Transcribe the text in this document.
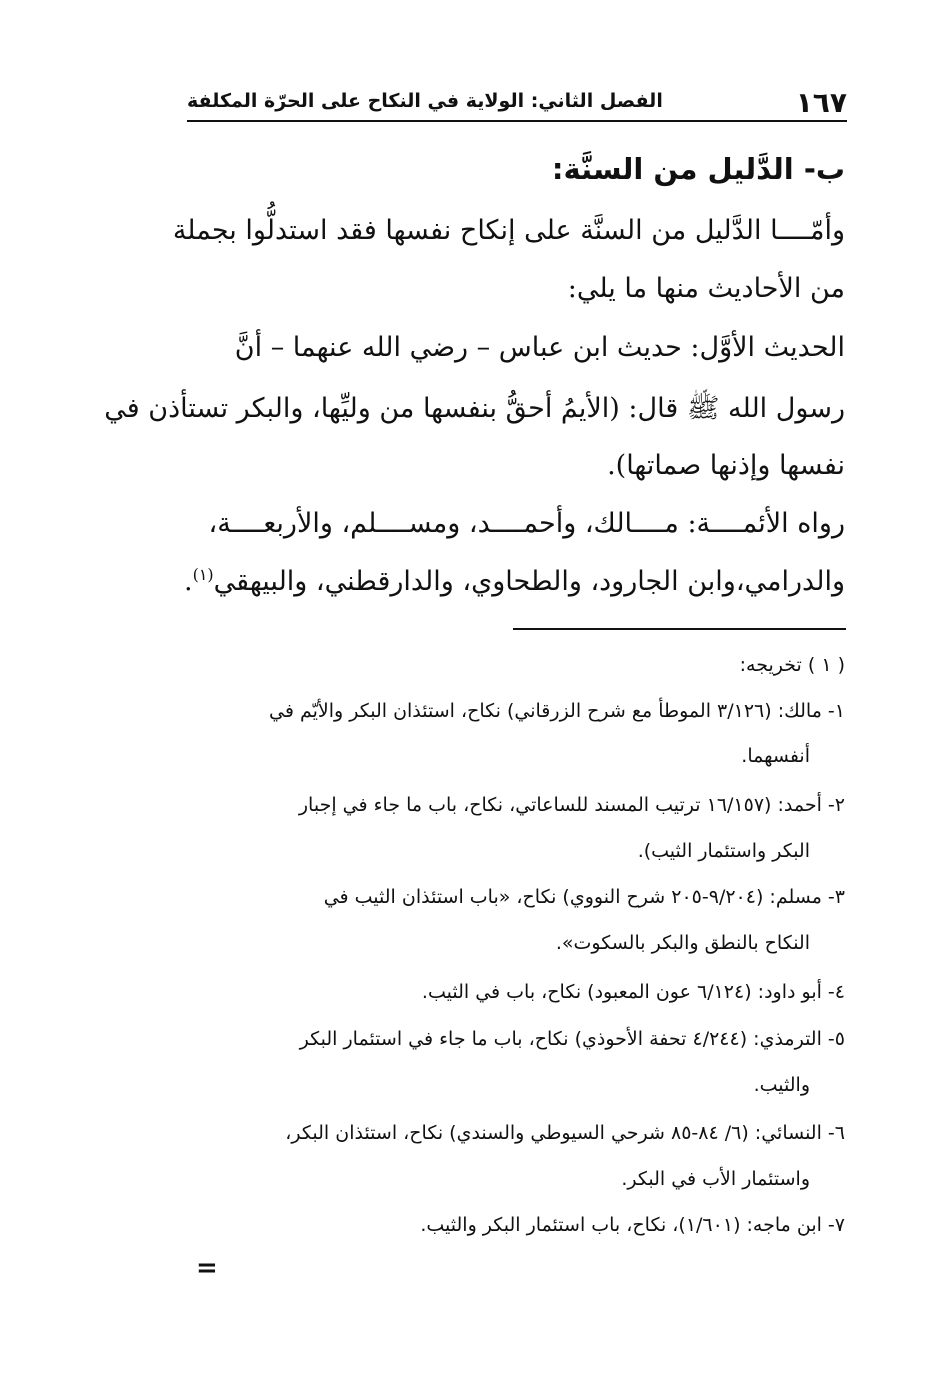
١٦٧
الفصل الثاني: الولاية في النكاح على الحرّة المكلفة
ب- الدَّليل من السنَّة:
وأمّــــا الدَّليل من السنَّة على إنكاح نفسها فقد استدلُّوا بجملة
من الأحاديث منها ما يلي:
الحديث الأوَّل: حديث ابن عباس – رضي الله عنهما – أنَّ
رسول الله ﷺ قال: (الأيمُ أحقُّ بنفسها من وليِّها، والبكر تستأذن في
نفسها وإذنها صماتها).
رواه الأئمــــة: مــــالك، وأحمــــد، ومســــلم، والأربعــــة،
والدرامي،وابن الجارود، والطحاوي، والدارقطني، والبيهقي$^{(١)}$.
( ١ ) تخريجه:
١- مالك: (٣/١٢٦ الموطأ مع شرح الزرقاني) نكاح، استئذان البكر والأيّم في
أنفسهما.
٢- أحمد: (١٦/١٥٧ ترتيب المسند للساعاتي، نكاح، باب ما جاء في إجبار
البكر واستئمار الثيب).
٣- مسلم: (٩/٢٠٤-٢٠٥ شرح النووي) نكاح، «باب استئذان الثيب في
النكاح بالنطق والبكر بالسكوت».
٤- أبو داود: (٦/١٢٤ عون المعبود) نكاح، باب في الثيب.
٥- الترمذي: (٤/٢٤٤ تحفة الأحوذي) نكاح، باب ما جاء في استئمار البكر
والثيب.
٦- النسائي: (٦/ ٨٤-٨٥ شرحي السيوطي والسندي) نكاح، استئذان البكر،
واستئمار الأب في البكر.
٧- ابن ماجه: (١/٦٠١)، نكاح، باب استئمار البكر والثيب.
=
